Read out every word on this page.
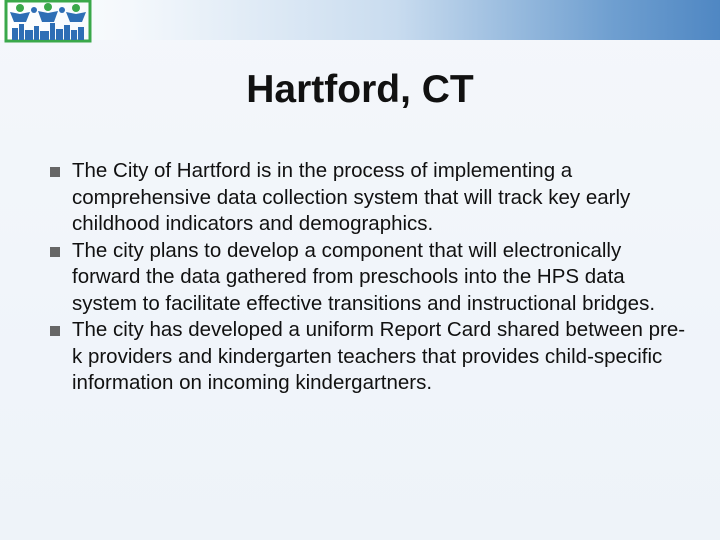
Hartford, CT
The City of Hartford is in the process of implementing a comprehensive data collection system that will track key early childhood indicators and demographics.
The city plans to develop a component that will electronically forward the data gathered from preschools into the HPS data system to facilitate effective transitions and instructional bridges.
The city has developed a uniform Report Card shared between pre-k providers and kindergarten teachers that provides child-specific information on incoming kindergartners.
